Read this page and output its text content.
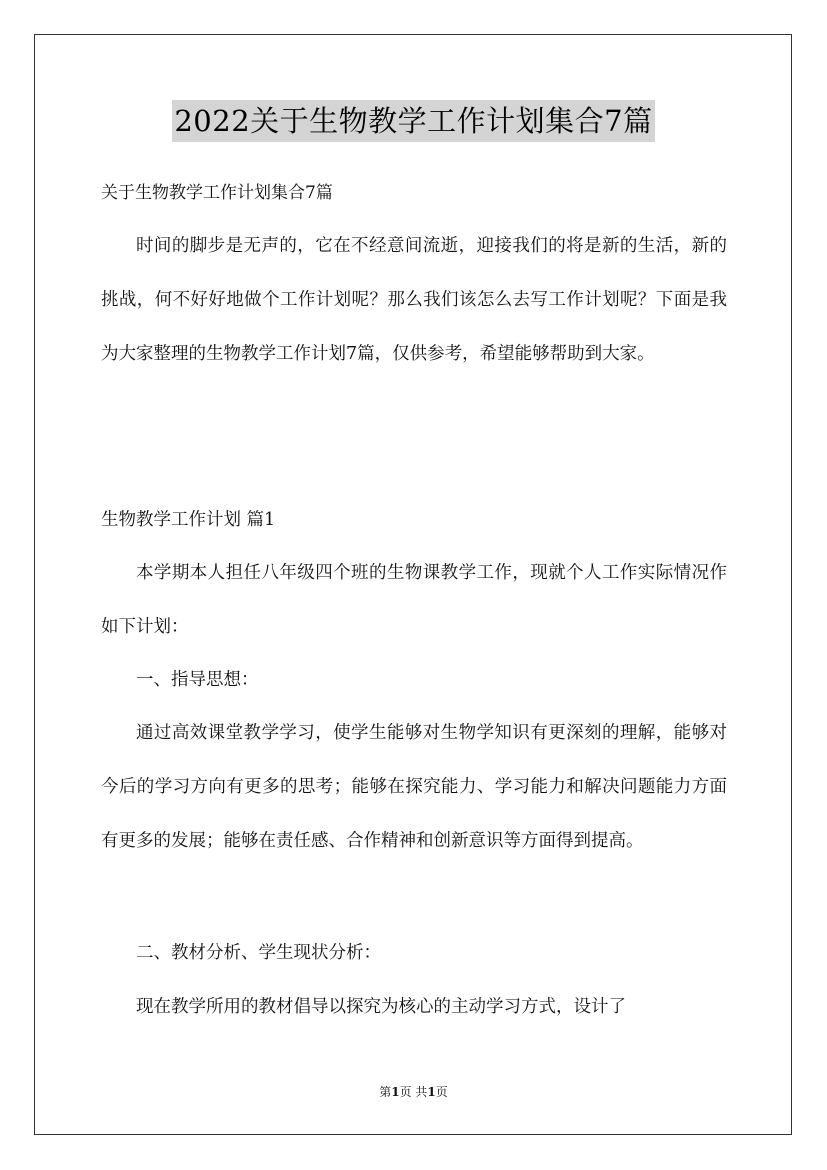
2022关于生物教学工作计划集合7篇
关于生物教学工作计划集合7篇

时间的脚步是无声的，它在不经意间流逝，迎接我们的将是新的生活，新的挑战，何不好好地做个工作计划呢？那么我们该怎么去写工作计划呢？下面是我为大家整理的生物教学工作计划7篇，仅供参考，希望能够帮助到大家。

生物教学工作计划 篇1

本学期本人担任八年级四个班的生物课教学工作，现就个人工作实际情况作如下计划：

一、指导思想：

通过高效课堂教学学习，使学生能够对生物学知识有更深刻的理解，能够对今后的学习方向有更多的思考；能够在探究能力、学习能力和解决问题能力方面有更多的发展；能够在责任感、合作精神和创新意识等方面得到提高。

二、教材分析、学生现状分析：
现在教学所用的教材倡导以探究为核心的主动学习方式，设计了
第1页 共1页
